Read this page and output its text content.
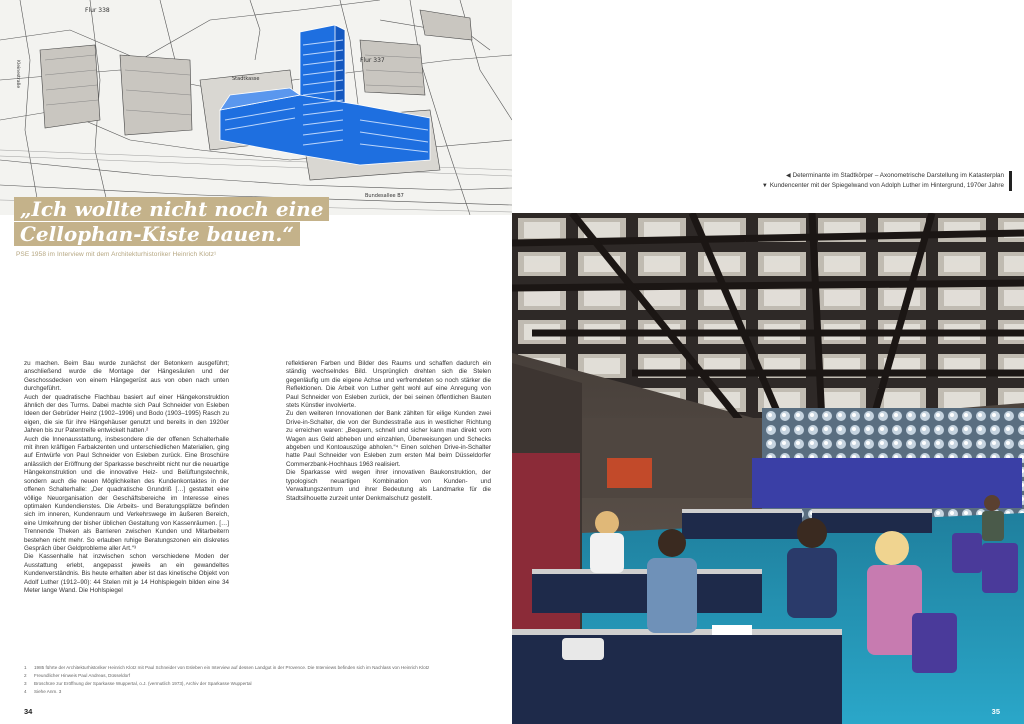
Flur 338
Flur 337
Stadtkasse
Bundesallee B7
Kleinestraße
„Ich wollte nicht noch eine
Cellophan-Kiste bauen.“
PSE 1958 im Interview mit dem Architekturhistoriker Heinrich Klotz¹

zu machen. Beim Bau wurde zunächst der Betonkern ausgeführt; anschließend wurde die Montage der Hängesäulen und der Geschossdecken von einem Hängegerüst aus von oben nach unten durchgeführt.

Auch der quadratische Flachbau basiert auf einer Hängekonstruktion ähnlich der des Turms. Dabei machte sich Paul Schneider von Esleben Ideen der Gebrüder Heinz (1902–1996) und Bodo (1903–1995) Rasch zu eigen, die sie für ihre Hängehäuser genutzt und bereits in den 1920er Jahren bis zur Patentreife entwickelt hatten.²

Auch die Innenausstattung, insbesondere die der offenen Schalterhalle mit ihren kräftigen Farbakzenten und unterschiedlichen Materialien, ging auf Entwürfe von Paul Schneider von Esleben zurück. Eine Broschüre anlässlich der Eröffnung der Sparkasse beschreibt nicht nur die neuartige Hängekonstruktion und die innovative Heiz- und Belüftungstechnik, sondern auch die neuen Möglichkeiten des Kundenkontaktes in der offenen Schalterhalle: „Der quadratische Grundriß […] gestattet eine völlige Neuorganisation der Geschäftsbereiche im Interesse eines optimalen Kundendienstes. Die Arbeits- und Beratungsplätze befinden sich im inneren, Kundenraum und Verkehrswege im äußeren Bereich, eine Umkehrung der bisher üblichen Gestaltung von Kassenräumen. […] Trennende Theken als Barrieren zwischen Kunden und Mitarbeitern bestehen nicht mehr. So erlauben ruhige Beratungszonen ein diskretes Gespräch über Geldprobleme aller Art.“³

Die Kassenhalle hat inzwischen schon verschiedene Moden der Ausstattung erlebt, angepasst jeweils an ein gewandeltes Kundenverständnis. Bis heute erhalten aber ist das kinetische Objekt von Adolf Luther (1912–90): 44 Stelen mit je 14 Hohlspiegeln bilden eine 34 Meter lange Wand. Die Hohlspiegel

reflektieren Farben und Bilder des Raums und schaffen dadurch ein ständig wechselndes Bild. Ursprünglich drehten sich die Stelen gegenläufig um die eigene Achse und verfremdeten so noch stärker die Reflektionen. Die Arbeit von Luther geht wohl auf eine Anregung von Paul Schneider von Esleben zurück, der bei seinen öffentlichen Bauten stets Künstler involvierte.

Zu den weiteren Innovationen der Bank zählten für eilige Kunden zwei Drive-in-Schalter, die von der Bundesstraße aus in westlicher Richtung zu erreichen waren: „Bequem, schnell und sicher kann man direkt vom Wagen aus Geld abheben und einzahlen, Überweisungen und Schecks abgeben und Kontoauszüge abholen.“⁴ Einen solchen Drive-in-Schalter hatte Paul Schneider von Esleben zum ersten Mal beim Düsseldorfer Commerzbank-Hochhaus 1963 realisiert.

Die Sparkasse wird wegen ihrer innovativen Baukonstruktion, der typologisch neuartigen Kombination von Kunden- und Verwaltungszentrum und ihrer Bedeutung als Landmarke für die Stadtsilhouette zurzeit unter Denkmalschutz gestellt.

1	1985 führte der Architekturhistoriker Heinrich Klotz mit Paul Schneider von Esleben ein Interview auf dessen Landgut in der Provence. Die Interviews befinden sich im Nachlass von Heinrich Klotz
2	Freundlicher Hinweis Paul Andreas, Düsseldorf
3	Broschüre zur Eröffnung der Sparkasse Wuppertal, o.J. (vermutlich 1973), Archiv der Sparkasse Wuppertal
4	Siehe Anm. 3
34
◀ Determinante im Stadtkörper – Axonometrische Darstellung im Katasterplan
▼ Kundencenter mit der Spiegelwand von Adolph Luther im Hintergrund, 1970er Jahre
35
